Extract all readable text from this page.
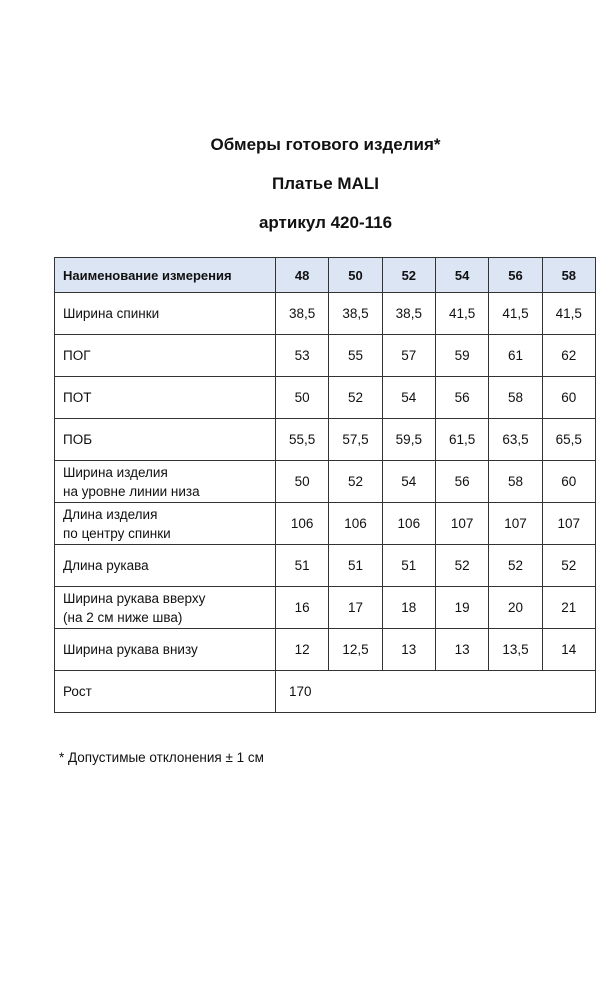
Обмеры готового изделия*
Платье MALI
артикул 420-116
Наименование измерения	48	50	52	54	56	58

Ширина спинки	38,5	38,5	38,5	41,5	41,5	41,5

ПОГ	53	55	57	59	61	62

ПОТ	50	52	54	56	58	60

ПОБ	55,5	57,5	59,5	61,5	63,5	65,5

Ширина изделия
на уровне линии низа	50	52	54	56	58	60

Длина изделия
по центру спинки	106	106	106	107	107	107

Длина рукава	51	51	51	52	52	52

Ширина рукава вверху
(на 2 см ниже шва)	16	17	18	19	20	21

Ширина рукава внизу	12	12,5	13	13	13,5	14
Рост	170					
* Допустимые отклонения ± 1 см
